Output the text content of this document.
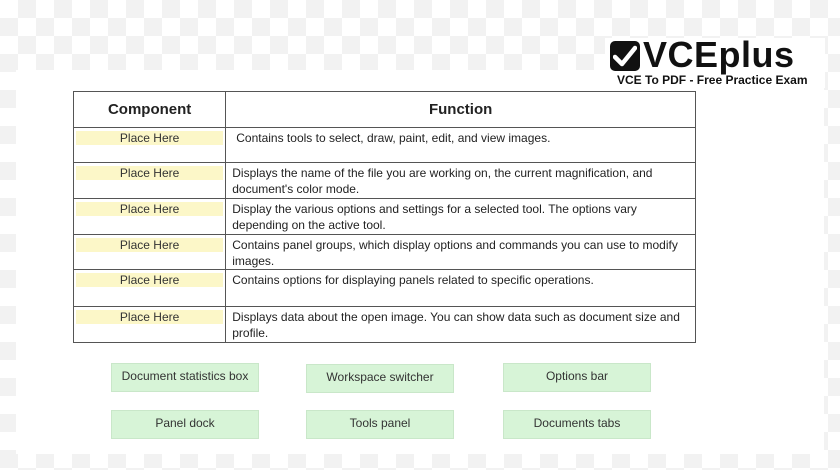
VCEplus
VCE To PDF - Free Practice Exam
Component	Function

Place Here	Contains tools to select, draw, paint, edit, and view images.

Place Here	Displays the name of the file you are working on, the current magnification, and document's color mode.

Place Here	Display the various options and settings for a selected tool. The options vary depending on the active tool.

Place Here	Contains panel groups, which display options and commands you can use to modify images.

Place Here	Contains options for displaying panels related to specific operations.

Place Here	Displays data about the open image. You can show data such as document size and profile.
Document statistics box	Workspace switcher	Options bar
Panel dock	Tools panel	Documents tabs
